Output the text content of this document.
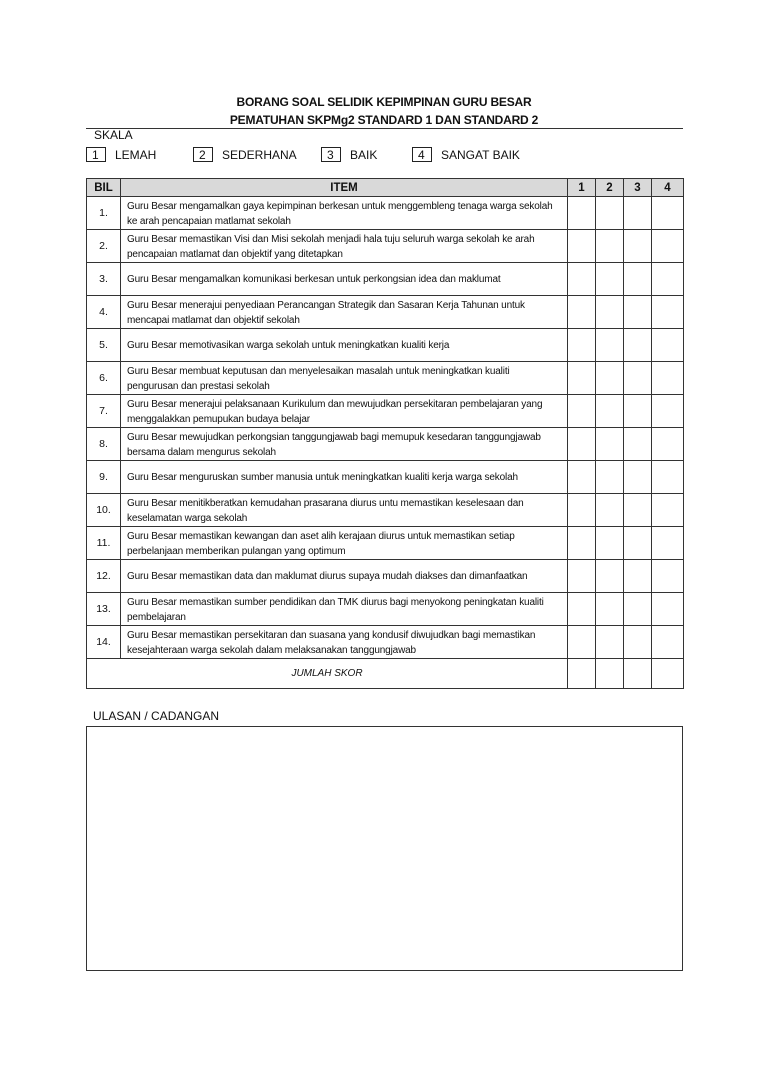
BORANG SOAL SELIDIK KEPIMPINAN GURU BESAR
PEMATUHAN SKPMg2 STANDARD 1 DAN STANDARD 2
SKALA
1	LEMAH	2	SEDERHANA	3	BAIK	4	SANGAT BAIK
BIL	ITEM	1	2	3	4
1.	Guru Besar mengamalkan gaya kepimpinan berkesan untuk menggembleng tenaga warga sekolah ke arah pencapaian matlamat sekolah				
2.	Guru Besar memastikan Visi dan Misi sekolah menjadi hala tuju seluruh warga sekolah ke arah pencapaian matlamat dan objektif yang ditetapkan				
3.	Guru Besar mengamalkan komunikasi berkesan untuk perkongsian idea dan maklumat				
4.	Guru Besar menerajui penyediaan Perancangan Strategik dan Sasaran Kerja Tahunan untuk mencapai matlamat dan objektif sekolah				
5.	Guru Besar memotivasikan warga sekolah untuk meningkatkan kualiti kerja				
6.	Guru Besar membuat keputusan dan menyelesaikan masalah untuk meningkatkan kualiti pengurusan dan prestasi sekolah				
7.	Guru Besar menerajui pelaksanaan Kurikulum dan mewujudkan persekitaran pembelajaran yang menggalakkan pemupukan budaya belajar				
8.	Guru Besar mewujudkan perkongsian tanggungjawab bagi memupuk kesedaran tanggungjawab bersama dalam mengurus sekolah				
9.	Guru Besar menguruskan sumber manusia untuk meningkatkan kualiti kerja warga sekolah				
10.	Guru Besar menitikberatkan kemudahan prasarana diurus untu memastikan keselesaan dan keselamatan warga sekolah				
11.	Guru Besar memastikan kewangan dan aset alih kerajaan diurus untuk memastikan setiap perbelanjaan memberikan pulangan yang optimum				
12.	Guru Besar memastikan data dan maklumat diurus supaya mudah diakses dan dimanfaatkan				
13.	Guru Besar memastikan sumber pendidikan dan TMK diurus bagi menyokong peningkatan kualiti pembelajaran				
14.	Guru Besar memastikan persekitaran dan suasana yang kondusif diwujudkan bagi memastikan kesejahteraan warga sekolah dalam melaksanakan tanggungjawab				
JUMLAH SKOR					
ULASAN / CADANGAN
